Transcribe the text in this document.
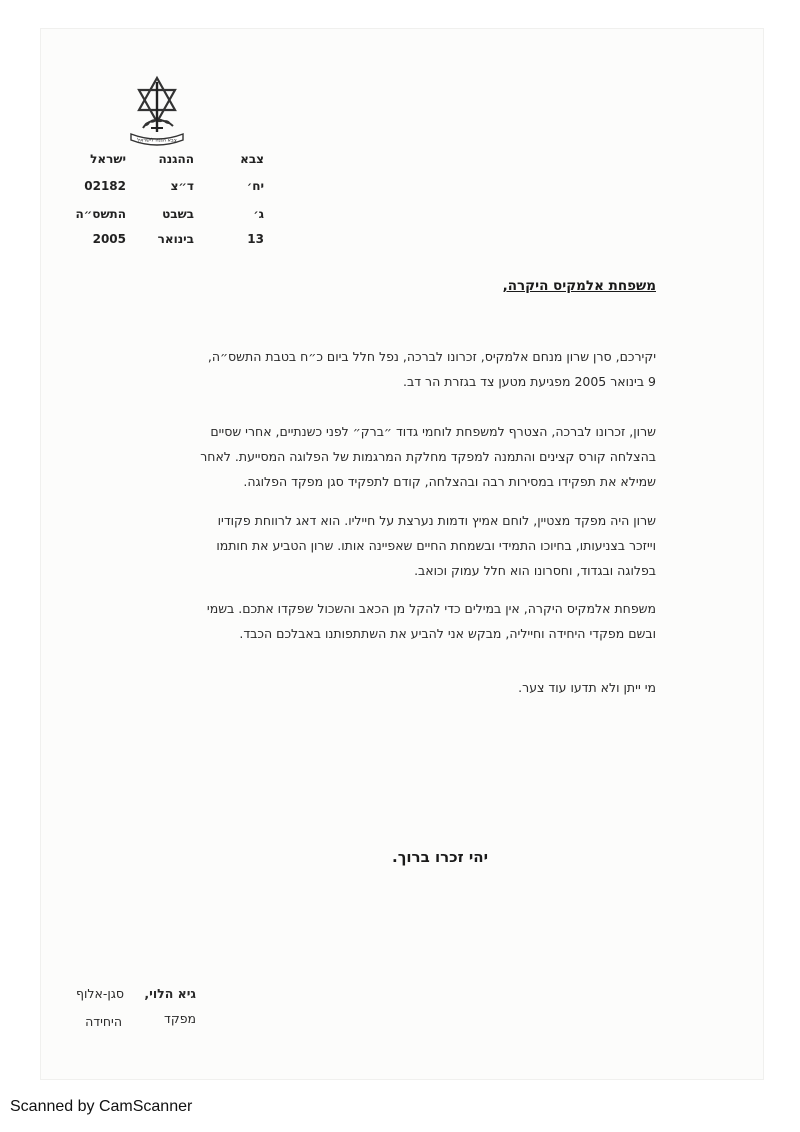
צבא הגנה לישראל
צבא
ההגנה
ישראל
יח׳
ד״צ
02182
ג׳
בשבט
התשס״ה
13
בינואר
2005
משפחת אלמקיס היקרה,
יקירכם, סרן שרון מנחם אלמקיס, זכרונו לברכה, נפל חלל ביום כ״ח בטבת התשס״ה,
9 בינואר 2005 מפגיעת מטען צד בגזרת הר דב.
שרון, זכרונו לברכה, הצטרף למשפחת לוחמי גדוד ״ברק״ לפני כשנתיים, אחרי שסיים
בהצלחה קורס קצינים והתמנה למפקד מחלקת המרגמות של הפלוגה המסייעת. לאחר
שמילא את תפקידו במסירות רבה ובהצלחה, קודם לתפקיד סגן מפקד הפלוגה.
שרון היה מפקד מצטיין, לוחם אמיץ ודמות נערצת על חייליו. הוא דאג לרווחת פקודיו
וייזכר בצניעותו, בחיוכו התמידי ובשמחת החיים שאפיינה אותו. שרון הטביע את חותמו
בפלוגה ובגדוד, וחסרונו הוא חלל עמוק וכואב.
משפחת אלמקיס היקרה, אין במילים כדי להקל מן הכאב והשכול שפקדו אתכם. בשמי
ובשם מפקדי היחידה וחייליה, מבקש אני להביע את השתתפותנו באבלכם הכבד.
מי ייתן ולא תדעו עוד צער.
יהי זכרו ברוך.
גיא הלוי,
סגן-אלוף
מפקד
היחידה
Scanned by CamScanner
